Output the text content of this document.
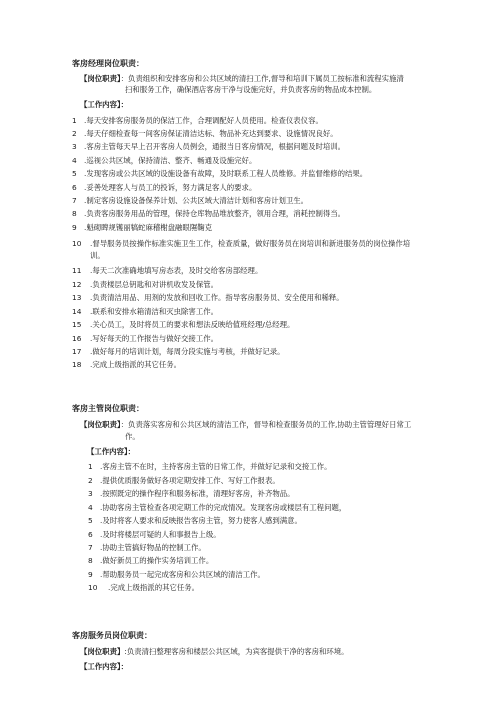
客房经理岗位职责：
【岗位职责】：负责组织和安排客房和公共区域的清扫工作,督导和培训下属员工按标准和流程实施清
扫和服务工作，确保酒店客房干净与设施完好，并负责客房的物品成本控制。
【工作内容】：
1 .每天安排客房服务员的保洁工作，合理调配好人员使用。检查仪表仪容。
2 .每天仔细检查每一间客房保证清洁达标、物品补充达到要求、设施情况良好。
3 .客房主管每天早上召开客房人员例会，通报当日客房情况，根据问题及时培训。
4 .巡视公共区域，保持清洁、整齐、畅通及设施完好。
5 .发现客房或公共区域的设施设备有故障，及时联系工程人员维修。并监督维修的结果。
6 .妥善处理客人与员工的投诉，努力满足客人的要求。
7 .制定客房设施设备保养计划、公共区域大清洁计划和客房计划卫生。
8 .负责客房服务用品的管理，保持仓库物品堆放整齐，领用合理，消耗控制得当。
9 .魁砌睥规镬丽犒蛇麻稽榭盘融眼隰鞠克
10 .督导服务员按操作标准实施卫生工作，检查质量，做好服务员在岗培训和新进服务员的岗位操作培
训。
11 .每天二次准确地填写房态表，及时交给客房部经理。
12 .负责楼层总钥匙和对讲机收发及保管。
13 .负责清洁用品、用剂的发放和回收工作。指导客房服务员、安全使用和稀释。
14 .联系和安排水箱清洁和灭虫除害工作。
15 .关心员工，及时将员工的要求和想法反映给值班经理/总经理。
16 .写好每天的工作报告与做好交接工作。
17 .做好每月的培训计划，每周分段实施与考核，并做好记录。
18 .完成上级指派的其它任务。
客房主管岗位职责：
【岗位职责】：负责落实客房和公共区域的清洁工作，督导和检查服务员的工作,协助主管管理好日常工
作。
【工作内容】：
1 .客房主管不在时，主持客房主管的日常工作，并做好记录和交接工作。
2 .提供优质服务做好各项定期安排工作、写好工作报表。
3 .按照既定的操作程序和服务标准，清理好客房，补齐物品。
4 .协助客房主管检查各项定期工作的完成情况。发现客房或楼层有工程问题，
5 .及时将客人要求和反映报告客房主管，努力使客人感到满意。
6 .及时将楼层可疑的人和事报告上级。
7 .协助主管搞好物品的控制工作。
8 .做好新员工的操作实务培训工作。
9 .帮助服务员一起完成客房和公共区域的清洁工作。
10 .完成上级指派的其它任务。
客房服务员岗位职责：
【岗位职责】:负责清扫整理客房和楼层公共区域，为宾客提供干净的客房和环境。
【工作内容】：
